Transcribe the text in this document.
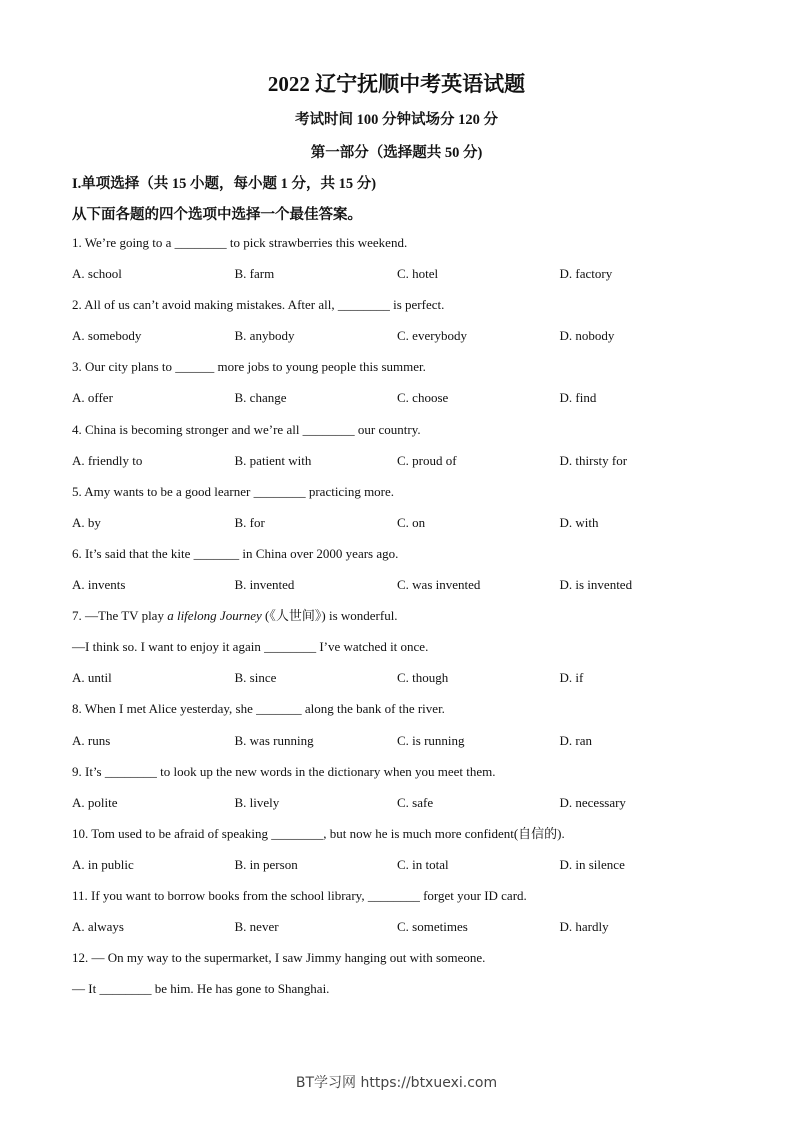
2022 辽宁抚顺中考英语试题
考试时间 100 分钟试场分 120 分
第一部分（选择题共 50 分)
I.单项选择（共 15 小题，每小题 1 分，共 15 分)
从下面各题的四个选项中选择一个最佳答案。
1. We’re going to a ________ to pick strawberries this weekend.
A. school	B. farm	C. hotel	D. factory
2. All of us can’t avoid making mistakes. After all, ________ is perfect.
A. somebody	B. anybody	C. everybody	D. nobody
3. Our city plans to ______ more jobs to young people this summer.
A. offer	B. change	C. choose	D. find
4. China is becoming stronger and we’re all ________ our country.
A. friendly to	B. patient with	C. proud of	D. thirsty for
5. Amy wants to be a good learner ________ practicing more.
A. by	B. for	C. on	D. with
6. It’s said that the kite _______ in China over 2000 years ago.
A. invents	B. invented	C. was invented	D. is invented
7. —The TV play a lifelong Journey (《人世间》) is wonderful.
—I think so. I want to enjoy it again ________ I’ve watched it once.
A. until	B. since	C. though	D. if
8. When I met Alice yesterday, she _______ along the bank of the river.
A. runs	B. was running	C. is running	D. ran
9. It’s ________ to look up the new words in the dictionary when you meet them.
A. polite	B. lively	C. safe	D. necessary
10. Tom used to be afraid of speaking ________, but now he is much more confident(自信的).
A. in public	B. in person	C. in total	D. in silence
11. If you want to borrow books from the school library, ________ forget your ID card.
A. always	B. never	C. sometimes	D. hardly
12. — On my way to the supermarket, I saw Jimmy hanging out with someone.
— It ________ be him. He has gone to Shanghai.
BT学习网 https://btxuexi.com
